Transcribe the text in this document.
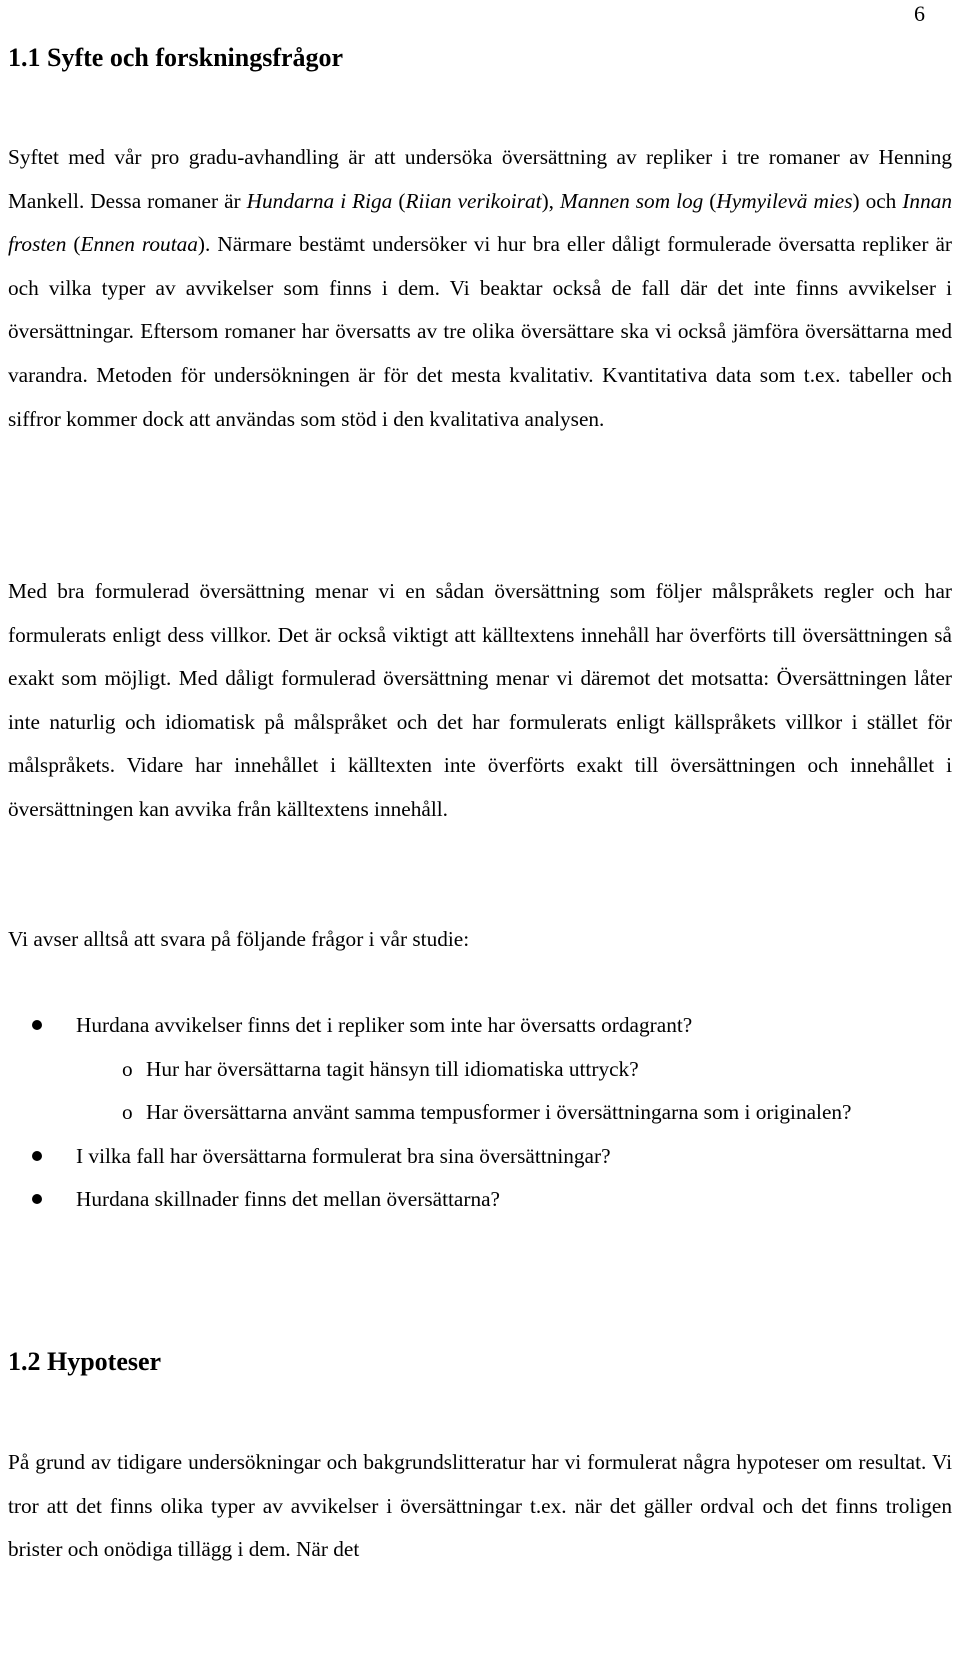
6
1.1 Syfte och forskningsfrågor

Syftet med vår pro gradu-avhandling är att undersöka översättning av repliker i tre romaner av Henning Mankell. Dessa romaner är Hundarna i Riga (Riian verikoirat), Mannen som log (Hymyilevä mies) och Innan frosten (Ennen routaa). Närmare bestämt undersöker vi hur bra eller dåligt formulerade översatta repliker är och vilka typer av avvikelser som finns i dem. Vi beaktar också de fall där det inte finns avvikelser i översättningar. Eftersom romaner har översatts av tre olika översättare ska vi också jämföra översättarna med varandra. Metoden för undersökningen är för det mesta kvalitativ. Kvantitativa data som t.ex. tabeller och siffror kommer dock att användas som stöd i den kvalitativa analysen.

Med bra formulerad översättning menar vi en sådan översättning som följer målspråkets regler och har formulerats enligt dess villkor. Det är också viktigt att källtextens innehåll har överförts till översättningen så exakt som möjligt. Med dåligt formulerad översättning menar vi däremot det motsatta: Översättningen låter inte naturlig och idiomatisk på målspråket och det har formulerats enligt källspråkets villkor i stället för målspråkets. Vidare har innehållet i källtexten inte överförts exakt till översättningen och innehållet i översättningen kan avvika från källtextens innehåll.

Vi avser alltså att svara på följande frågor i vår studie:

Hurdana avvikelser finns det i repliker som inte har översatts ordagrant?
o Hur har översättarna tagit hänsyn till idiomatiska uttryck?
o Har översättarna använt samma tempusformer i översättningarna som i originalen?
I vilka fall har översättarna formulerat bra sina översättningar?
Hurdana skillnader finns det mellan översättarna?
1.2 Hypoteser

På grund av tidigare undersökningar och bakgrundslitteratur har vi formulerat några hypoteser om resultat. Vi tror att det finns olika typer av avvikelser i översättningar t.ex. när det gäller ordval och det finns troligen brister och onödiga tillägg i dem. När det
